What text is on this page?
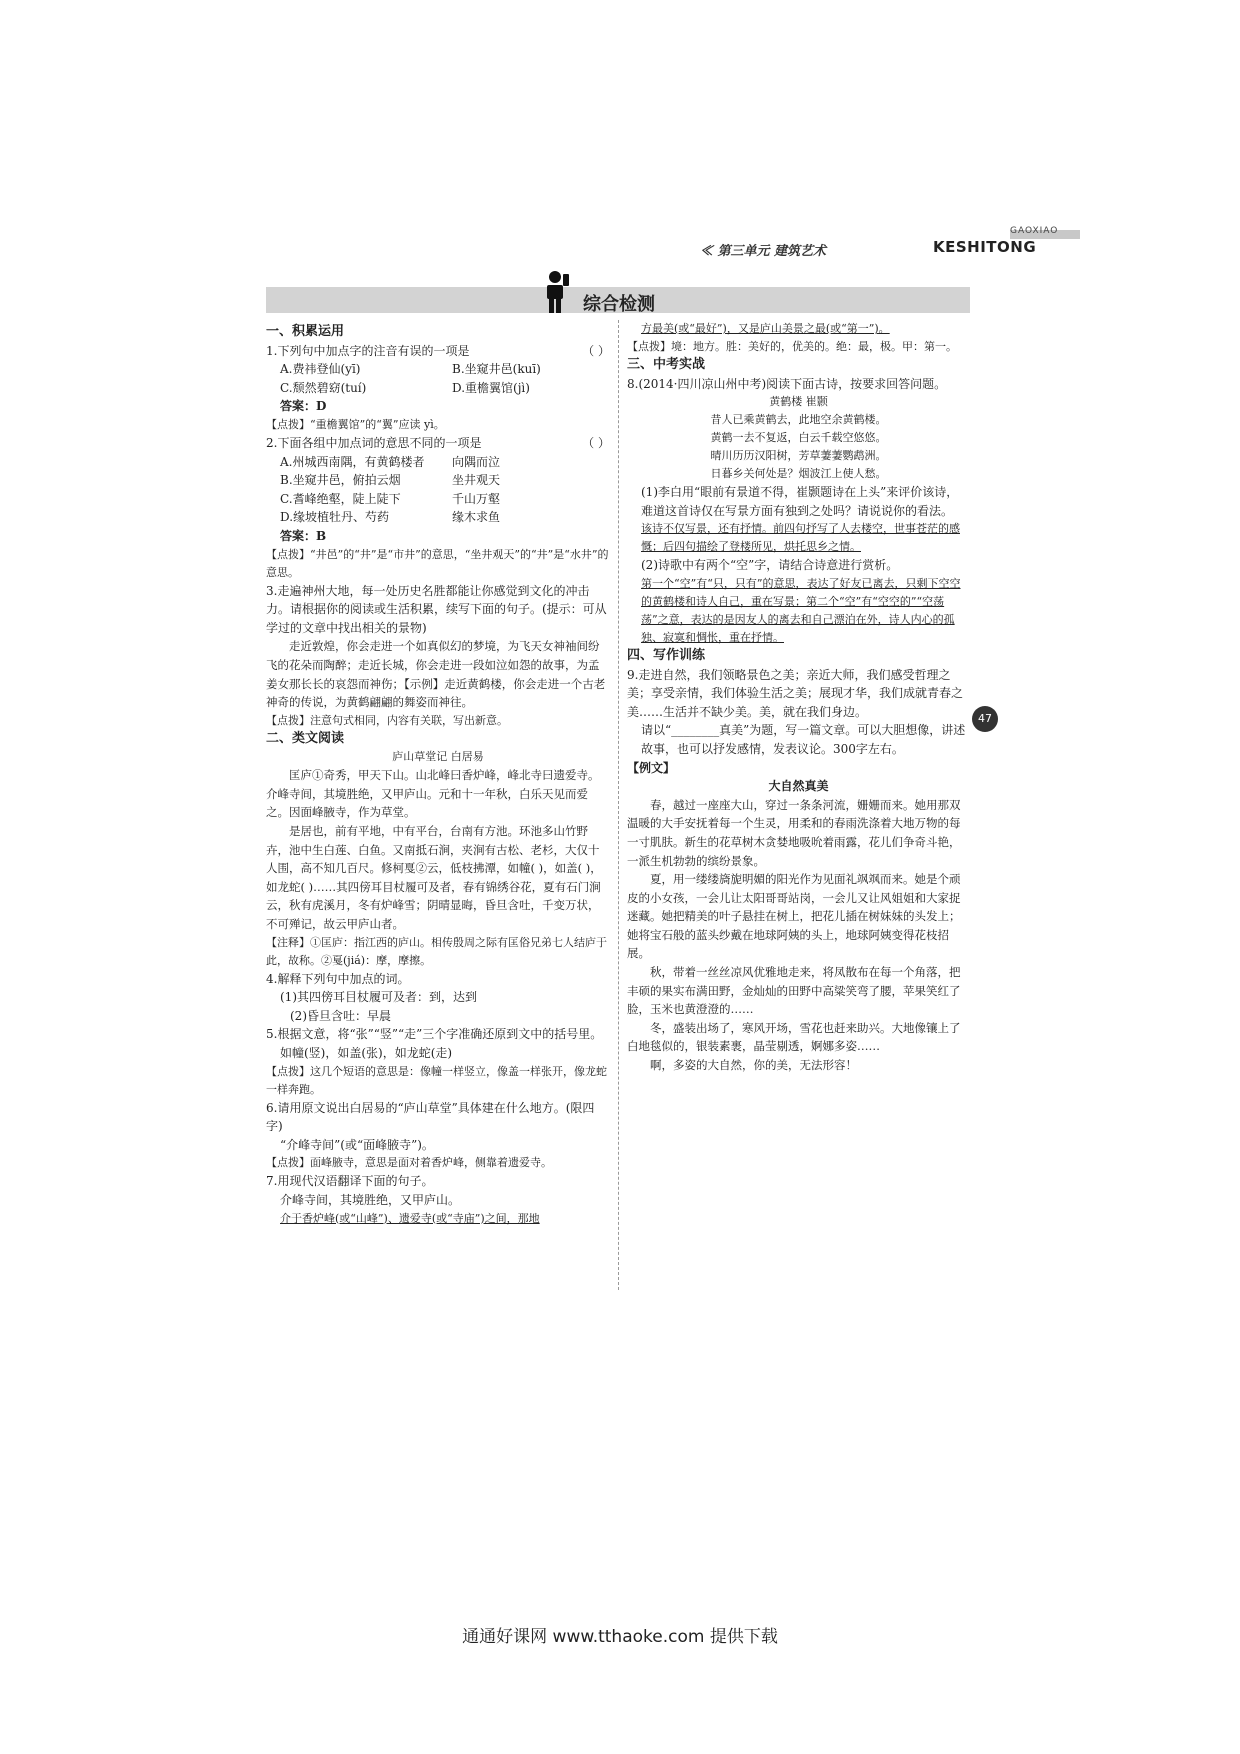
GAOXIAO
≪ 第三单元 建筑艺术	KESHITONG
综合检测

一、积累运用

1.下列句中加点字的注音有误的一项是	（ ）

A.费祎登仙(yī)	B.坐窥井邑(kuī)

C.颓然碧窈(tuí)	D.重檐翼馆(jì)

答案：D

【点拨】“重檐翼馆”的“翼”应读 yì。

2.下面各组中加点词的意思不同的一项是	（ ）

A.州城西南隅，有黄鹤楼者	向隅而泣

B.坐窥井邑，俯拍云烟	坐井观天

C.耆峰绝壑，陡上陡下	千山万壑

D.缘坡植牡丹、芍药	缘木求鱼

答案：B

【点拨】“井邑”的“井”是“市井”的意思，“坐井观天”的“井”是“水井”的意思。

3.走遍神州大地，每一处历史名胜都能让你感觉到文化的冲击力。请根据你的阅读或生活积累，续写下面的句子。(提示：可从学过的文章中找出相关的景物)

走近敦煌，你会走进一个如真似幻的梦境，为飞天女神袖间纷飞的花朵而陶醉；走近长城，你会走进一段如泣如怨的故事，为孟姜女那长长的哀怨而神伤；【示例】走近黄鹤楼，你会走进一个古老神奇的传说，为黄鹤翩翩的舞姿而神往。

【点拨】注意句式相同，内容有关联，写出新意。

二、类文阅读

庐山草堂记 白居易

匡庐①奇秀，甲天下山。山北峰曰香炉峰，峰北寺曰遗爱寺。介峰寺间，其境胜绝，又甲庐山。元和十一年秋，白乐天见而爱之。因面峰腋寺，作为草堂。

是居也，前有平地，中有平台，台南有方池。环池多山竹野卉，池中生白莲、白鱼。又南抵石涧，夹涧有古松、老杉，大仅十人围，高不知几百尺。修柯戛②云，低枝拂潭，如幢( )，如盖( )，如龙蛇( )……其四傍耳目杖履可及者，春有锦绣谷花，夏有石门涧云，秋有虎溪月，冬有炉峰雪；阴晴显晦，昏旦含吐，千变万状，不可殚记，故云甲庐山者。

【注释】①匡庐：指江西的庐山。相传殷周之际有匡俗兄弟七人结庐于此，故称。②戛(jiá)：摩，摩擦。

4.解释下列句中加点的词。

(1)其四傍耳目杖履可及者：到，达到

(2)昏旦含吐：早晨

5.根据文意，将“张”“竖”“走”三个字准确还原到文中的括号里。

如幢(竖)，如盖(张)，如龙蛇(走)

【点拨】这几个短语的意思是：像幢一样竖立，像盖一样张开，像龙蛇一样奔跑。

6.请用原文说出白居易的“庐山草堂”具体建在什么地方。(限四字)

“介峰寺间”(或“面峰腋寺”)。

【点拨】面峰腋寺，意思是面对着香炉峰，侧靠着遗爱寺。

7.用现代汉语翻译下面的句子。

介峰寺间，其境胜绝，又甲庐山。

介于香炉峰(或“山峰”)、遗爱寺(或“寺庙”)之间，那地

方最美(或“最好”)，又是庐山美景之最(或“第一”)。

【点拨】境：地方。胜：美好的，优美的。绝：最，极。甲：第一。

三、中考实战

8.(2014·四川凉山州中考)阅读下面古诗，按要求回答问题。

黄鹤楼 崔颢

昔人已乘黄鹤去，此地空余黄鹤楼。

黄鹤一去不复返，白云千载空悠悠。

晴川历历汉阳树，芳草萋萋鹦鹉洲。

日暮乡关何处是？烟波江上使人愁。

(1)李白用“眼前有景道不得，崔颢题诗在上头”来评价该诗，难道这首诗仅在写景方面有独到之处吗？请说说你的看法。

该诗不仅写景，还有抒情。前四句抒写了人去楼空，世事苍茫的感慨；后四句描绘了登楼所见，烘托思乡之情。

(2)诗歌中有两个“空”字，请结合诗意进行赏析。

第一个“空”有“只，只有”的意思，表达了好友已离去，只剩下空空的黄鹤楼和诗人自己，重在写景；第二个“空”有“空空的”“空荡荡”之意，表达的是因友人的离去和自己漂泊在外，诗人内心的孤独、寂寞和惆怅，重在抒情。

四、写作训练

9.走进自然，我们领略景色之美；亲近大师，我们感受哲理之美；享受亲情，我们体验生活之美；展现才华，我们成就青春之美……生活并不缺少美。美，就在我们身边。

请以“________真美”为题，写一篇文章。可以大胆想像，讲述故事，也可以抒发感情，发表议论。300字左右。

【例文】

大自然真美

春，越过一座座大山，穿过一条条河流，姗姗而来。她用那双温暖的大手安抚着每一个生灵，用柔和的春雨洗涤着大地万物的每一寸肌肤。新生的花草树木贪婪地吸吮着雨露，花儿们争奇斗艳，一派生机勃勃的缤纷景象。

夏，用一缕缕旖旎明媚的阳光作为见面礼飒飒而来。她是个顽皮的小女孩，一会儿让太阳哥哥站岗，一会儿又让风姐姐和大家捉迷藏。她把精美的叶子悬挂在树上，把花儿插在树妹妹的头发上；她将宝石般的蓝头纱戴在地球阿姨的头上，地球阿姨变得花枝招展。

秋，带着一丝丝凉风优雅地走来，将凤散布在每一个角落，把丰硕的果实布满田野，金灿灿的田野中高粱笑弯了腰，苹果笑红了脸，玉米也黄澄澄的……

冬，盛装出场了，寒风开场，雪花也赶来助兴。大地像镶上了白地毯似的，银装素裹，晶莹剔透，婀娜多姿……

啊，多姿的大自然，你的美，无法形容！

47
通通好课网 www.tthaoke.com 提供下载
